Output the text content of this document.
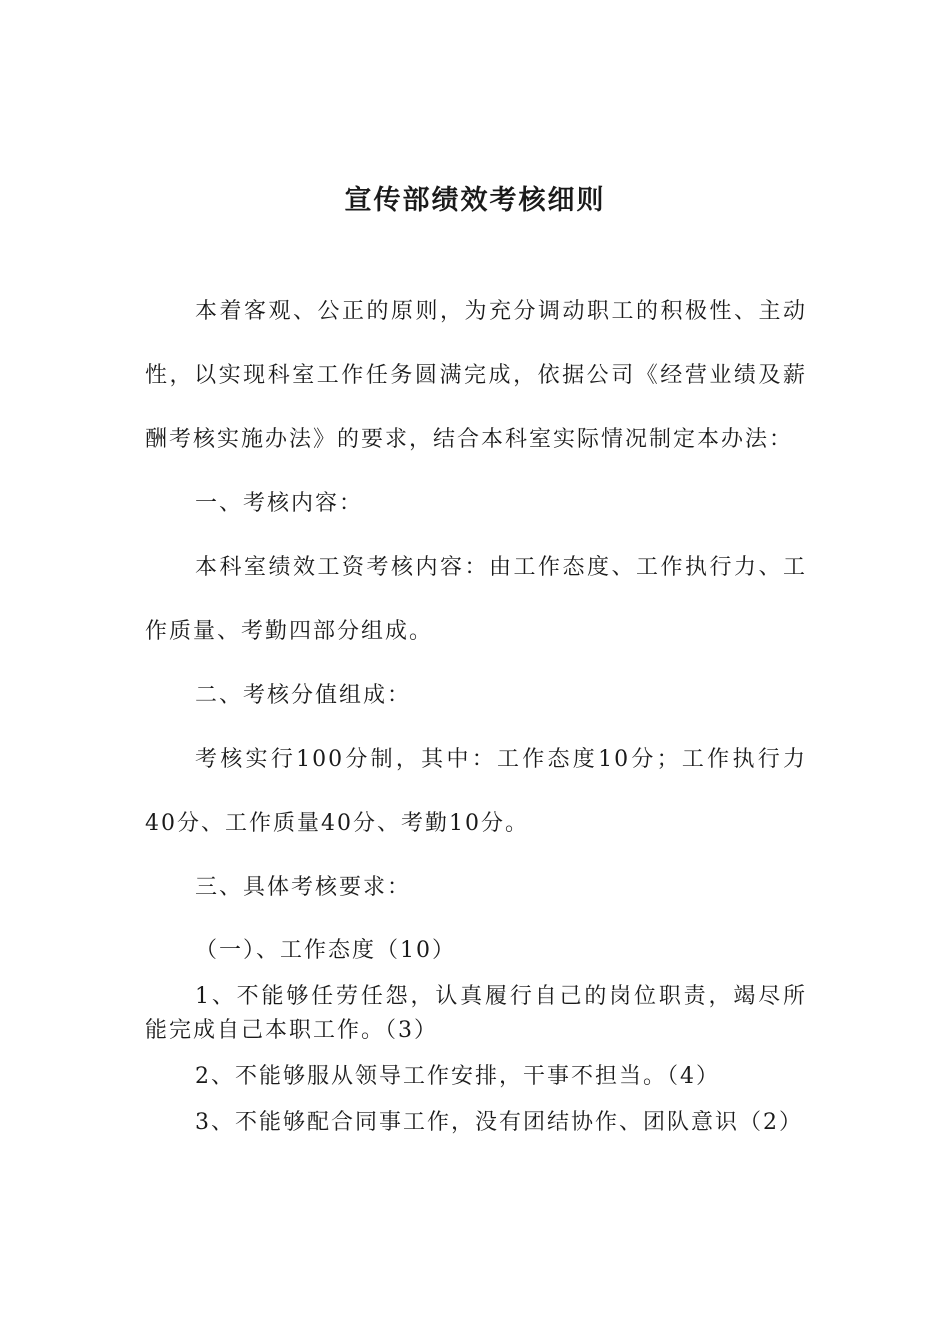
宣传部绩效考核细则

本着客观、公正的原则，为充分调动职工的积极性、主动性，以实现科室工作任务圆满完成，依据公司《经营业绩及薪酬考核实施办法》的要求，结合本科室实际情况制定本办法：

一、考核内容：

本科室绩效工资考核内容：由工作态度、工作执行力、工作质量、考勤四部分组成。

二、考核分值组成：

考核实行100分制，其中：工作态度10分；工作执行力40分、工作质量40分、考勤10分。

三、具体考核要求：

（一）、工作态度（10）

1、不能够任劳任怨，认真履行自己的岗位职责，竭尽所能完成自己本职工作。（3）

2、不能够服从领导工作安排，干事不担当。（4）

3、不能够配合同事工作，没有团结协作、团队意识（2）
